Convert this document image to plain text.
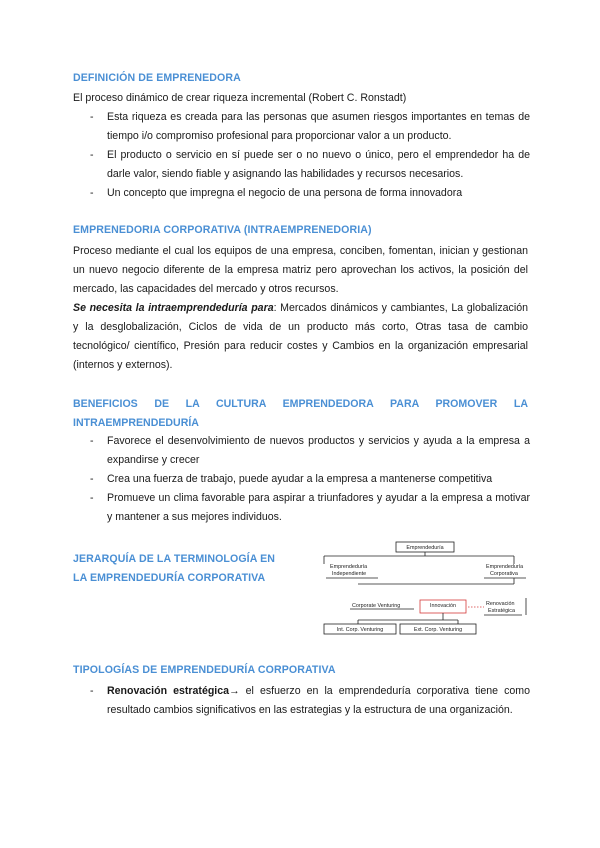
DEFINICIÓN DE EMPRENEDORA
El proceso dinámico de crear riqueza incremental (Robert C. Ronstadt)
- Esta riqueza es creada para las personas que asumen riesgos importantes en temas de tiempo i/o compromiso profesional para proporcionar valor a un producto.
- El producto o servicio en sí puede ser o no nuevo o único, pero el emprendedor ha de darle valor, siendo fiable y asignando las habilidades y recursos necesarios.
- Un concepto que impregna el negocio de una persona de forma innovadora
EMPRENEDORIA CORPORATIVA (INTRAEMPRENEDORIA)
Proceso mediante el cual los equipos de una empresa, conciben, fomentan, inician y gestionan un nuevo negocio diferente de la empresa matriz pero aprovechan los activos, la posición del mercado, las capacidades del mercado y otros recursos.
Se necesita la intraemprendeduría para: Mercados dinámicos y cambiantes, La globalización y la desglobalización, Ciclos de vida de un producto más corto, Otras tasa de cambio tecnológico/ científico, Presión para reducir costes y Cambios en la organización empresarial (internos y externos).
BENEFICIOS DE LA CULTURA EMPRENDEDORA PARA PROMOVER LA INTRAEMPRENDEDURÍA
- Favorece el desenvolvimiento de nuevos productos y servicios y ayuda a la empresa a expandirse y crecer
- Crea una fuerza de trabajo, puede ayudar a la empresa a mantenerse competitiva
- Promueve un clima favorable para aspirar a triunfadores y ayudar a la empresa a motivar y mantener a sus mejores individuos.
JERARQUÍA DE LA TERMINOLOGÍA EN
LA EMPRENDEDURÍA CORPORATIVA
Emprendeduría
Emprendeduría
Independiente
Emprendeduría
Corporativa
Corporate Venturing	Innovación	Renovación
Estratégica
Int. Corp. Venturing	Ext. Corp. Venturing
TIPOLOGÍAS DE EMPRENDEDURÍA CORPORATIVA
- Renovación estratégica→ el esfuerzo en la emprendeduría corporativa tiene como resultado cambios significativos en las estrategias y la estructura de una organización.
